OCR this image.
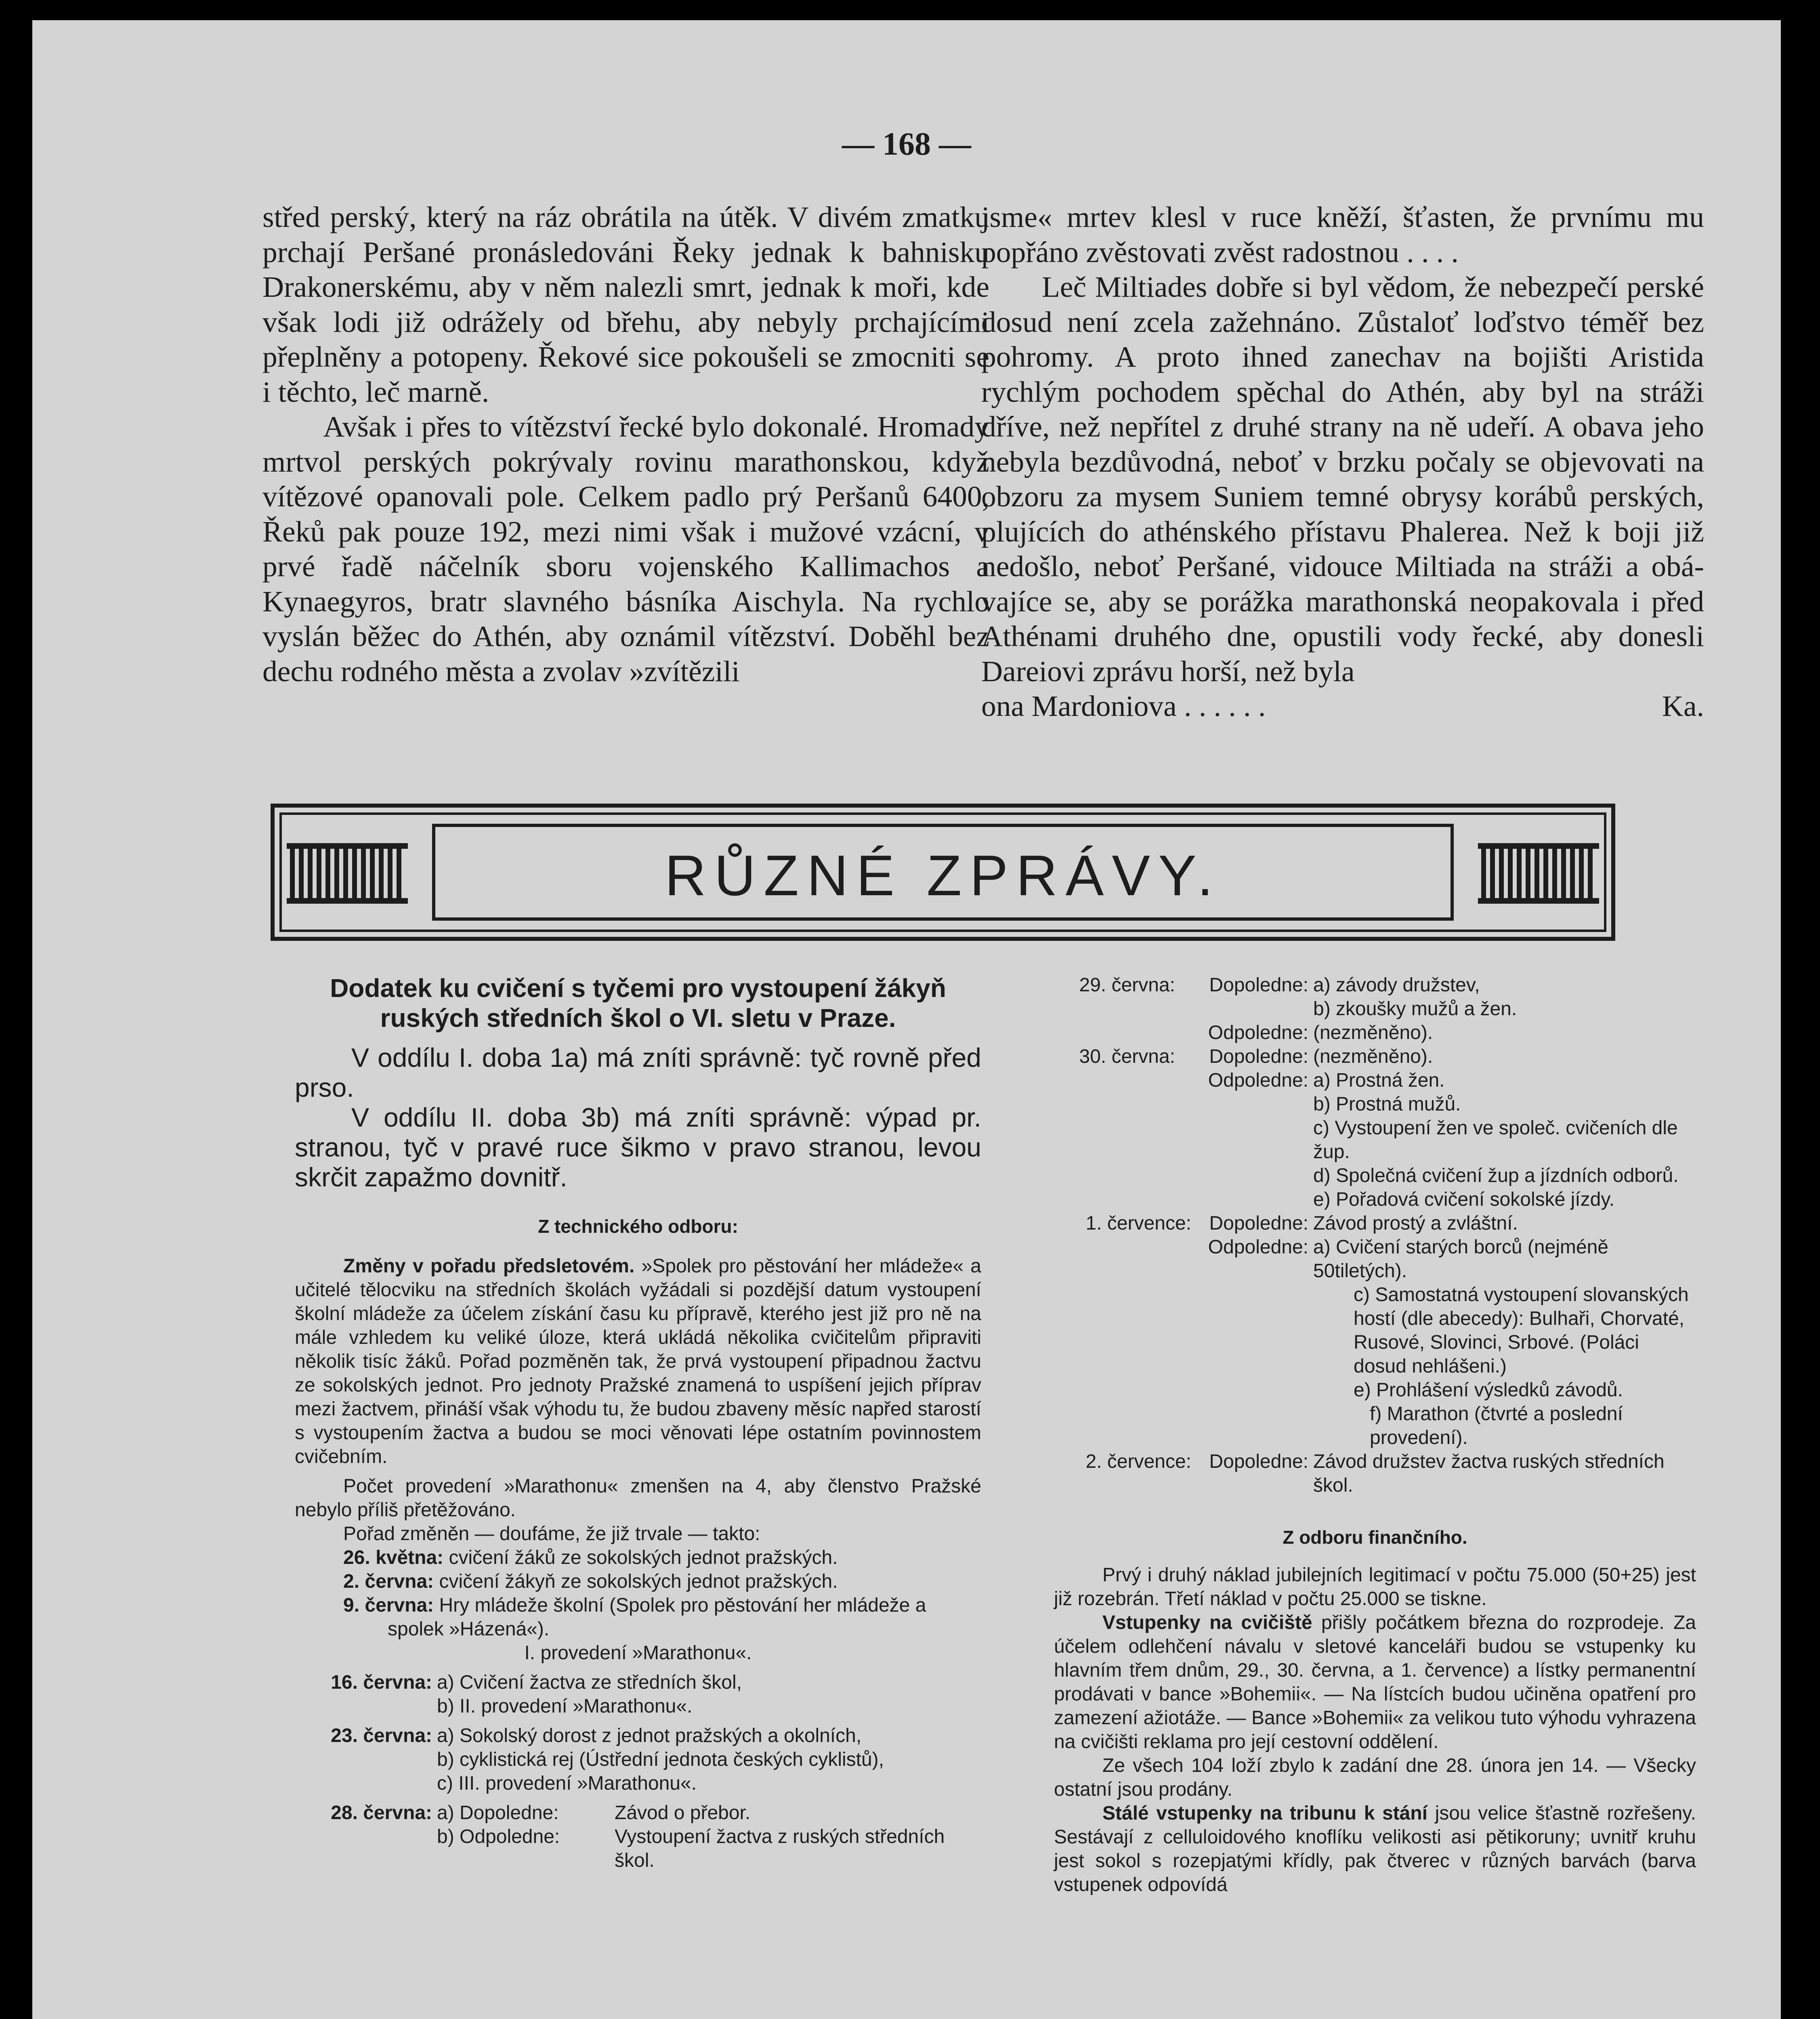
— 168 —

střed perský, který na ráz obrátila na útěk. V divém zmatku prchají Peršané pronásledováni Řeky jednak k bahnisku Drakonerskému, aby v něm nalezli smrt, jednak k moři, kde však lodi již odrážely od břehu, aby nebyly prchajícími přeplněny a potopeny. Řekové sice pokoušeli se zmocniti se i těchto, leč marně.

Avšak i přes to vítězství řecké bylo dokonalé. Hromady mrtvol perských pokrývaly rovinu marathonskou, když vítězové opanovali pole. Celkem padlo prý Peršanů 6400, Řeků pak pouze 192, mezi nimi však i mužové vzácní, v prvé řadě náčelník sboru vojenského Kallimachos a Kynaegyros, bratr slavného básníka Aischyla. Na rychlo vyslán běžec do Athén, aby oznámil vítězství. Doběhl bez dechu rodného města a zvolav »zvítězili

jsme« mrtev klesl v ruce kněží, šťasten, že prvnímu mu popřáno zvěstovati zvěst radostnou . . . .

Leč Miltiades dobře si byl vědom, že nebezpečí perské dosud není zcela zažehnáno. Zůstaloť loďstvo téměř bez pohromy. A proto ihned zanechav na bojišti Aristida rychlým pochodem spěchal do Athén, aby byl na stráži dříve, než nepřítel z druhé strany na ně udeří. A obava jeho nebyla bezdůvodná, neboť v brzku počaly se objevovati na obzoru za mysem Suniem temné obrysy korábů perských, plujících do athénského přístavu Phalerea. Než k boji již nedošlo, neboť Peršané, vidouce Miltiada na stráži a obávajíce se, aby se porážka marathonská neopakovala i před Athénami druhého dne, opustili vody řecké, aby donesli Dareiovi zprávu horší, než byla

ona Mardoniova . . . . . .	Ka.
RŮZNÉ ZPRÁVY.

Dodatek ku cvičení s tyčemi pro vystoupení žákyň ruských středních škol o VI. sletu v Praze.

V oddílu I. doba 1a) má zníti správně: tyč rovně před prso.

V oddílu II. doba 3b) má zníti správně: výpad pr. stranou, tyč v pravé ruce šikmo v pravo stranou, levou skrčit zapažmo dovnitř.

Z technického odboru:

Změny v pořadu předsletovém. »Spolek pro pěstování her mládeže« a učitelé tělocviku na středních školách vyžádali si pozdější datum vystoupení školní mládeže za účelem získání času ku přípravě, kterého jest již pro ně na mále vzhledem ku veliké úloze, která ukládá několika cvičitelům připraviti několik tisíc žáků. Pořad pozměněn tak, že prvá vystoupení připadnou žactvu ze sokolských jednot. Pro jednoty Pražské znamená to uspíšení jejich příprav mezi žactvem, přináší však výhodu tu, že budou zbaveny měsíc napřed starostí s vystoupením žactva a budou se moci věnovati lépe ostatním povinnostem cvičebním.

Počet provedení »Marathonu« zmenšen na 4, aby členstvo Pražské nebylo příliš přetěžováno.

Pořad změněn — doufáme, že již trvale — takto:

26. května: cvičení žáků ze sokolských jednot pražských.
2. června: cvičení žákyň ze sokolských jednot pražských.
9. června: Hry mládeže školní (Spolek pro pěstování her mládeže a spolek »Házená«).
I. provedení »Marathonu«.
16. června: a) Cvičení žactva ze středních škol,
b) II. provedení »Marathonu«.
23. června: a) Sokolský dorost z jednot pražských a okolních,
b) cyklistická rej (Ústřední jednota českých cyklistů),
c) III. provedení »Marathonu«.
28. června: a) Dopoledne:	Závod o přebor.
b) Odpoledne:	Vystoupení žactva z ruských středních škol.
29. června:	Dopoledne: a) závody družstev,
b) zkoušky mužů a žen.
Odpoledne: (nezměněno).
30. června:	Dopoledne: (nezměněno).
Odpoledne: a) Prostná žen.
b) Prostná mužů.
c) Vystoupení žen ve společ. cvičeních dle žup.
d) Společná cvičení žup a jízdních odborů.
e) Pořadová cvičení sokolské jízdy.
1. července: Dopoledne: Závod prostý a zvláštní.
Odpoledne: a) Cvičení starých borců (nejméně 50tiletých).
c) Samostatná vystoupení slovanských hostí (dle abecedy): Bulhaři, Chorvaté, Rusové, Slovinci, Srbové. (Poláci dosud nehlášeni.)
e) Prohlášení výsledků závodů.
f) Marathon (čtvrté a poslední provedení).
2. července: Dopoledne: Závod družstev žactva ruských středních škol.
Z odboru finančního.

Prvý i druhý náklad jubilejních legitimací v počtu 75.000 (50+25) jest již rozebrán. Třetí náklad v počtu 25.000 se tiskne.

Vstupenky na cvičiště přišly počátkem března do rozprodeje. Za účelem odlehčení návalu v sletové kanceláři budou se vstupenky ku hlavním třem dnům, 29., 30. června, a 1. července) a lístky permanentní prodávati v bance »Bohemii«. — Na lístcích budou učiněna opatření pro zamezení ažiotáže. — Bance »Bohemii« za velikou tuto výhodu vyhrazena na cvičišti reklama pro její cestovní oddělení.

Ze všech 104 loží zbylo k zadání dne 28. února jen 14. — Všecky ostatní jsou prodány.

Stálé vstupenky na tribunu k stání jsou velice šťastně rozřešeny. Sestávají z celluloidového knoflíku velikosti asi pětikoruny; uvnitř kruhu jest sokol s rozepjatými křídly, pak čtverec v různých barvách (barva vstupenek odpovídá
